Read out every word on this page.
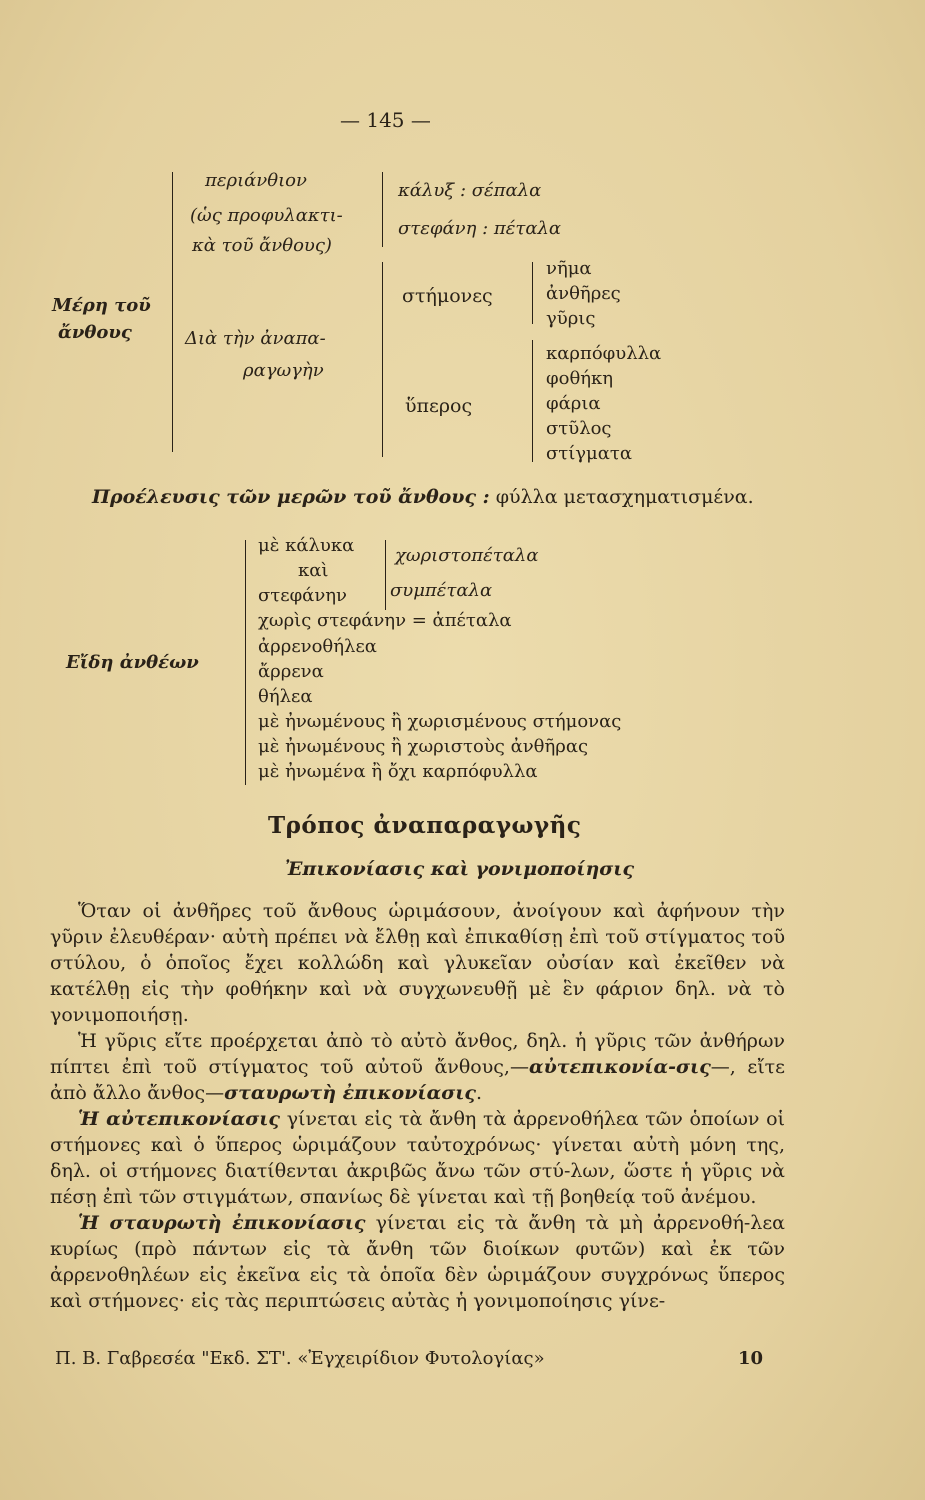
— 145 —
Μέρη τοῦ
ἄνθους
περιάνθιον
(ὡς προφυλακτι-
κὰ τοῦ ἄνθους)
Διὰ τὴν ἀναπα-
ραγωγὴν
κάλυξ : σέπαλα
στεφάνη : πέταλα
στήμονες
ὕπερος
νῆμα
ἀνθῆρες
γῦρις
καρπόφυλλα
φοθήκη
φάρια
στῦλος
στίγματα
Προέλευσις τῶν μερῶν τοῦ ἄνθους : φύλλα μετασχηματισμένα.
Εἴδη ἀνθέων
μὲ κάλυκα
καὶ
στεφάνην
χωριστοπέταλα
συμπέταλα
χωρὶς στεφάνην = ἀπέταλα
ἀρρενοθήλεα
ἄρρενα
θήλεα
μὲ ἠνωμένους ἢ χωρισμένους στήμονας
μὲ ἠνωμένους ἢ χωριστοὺς ἀνθῆρας
μὲ ἠνωμένα ἢ ὄχι καρπόφυλλα
Τρόπος ἀναπαραγωγῆς
Ἐπικονίασις καὶ γονιμοποίησις

Ὅταν οἱ ἀνθῆρες τοῦ ἄνθους ὡριμάσουν, ἀνοίγουν καὶ ἀφήνουν τὴν γῦριν ἐλευθέραν· αὐτὴ πρέπει νὰ ἔλθῃ καὶ ἐπικαθίσῃ ἐπὶ τοῦ στίγματος τοῦ στύλου, ὁ ὁποῖος ἔχει κολλώδη καὶ γλυκεῖαν οὐσίαν καὶ ἐκεῖθεν νὰ κατέλθῃ εἰς τὴν φοθήκην καὶ νὰ συγχωνευθῇ μὲ ἓν φάριον δηλ. νὰ τὸ γονιμοποιήσῃ.

Ἡ γῦρις εἴτε προέρχεται ἀπὸ τὸ αὐτὸ ἄνθος, δηλ. ἡ γῦρις τῶν ἀνθήρων πίπτει ἐπὶ τοῦ στίγματος τοῦ αὐτοῦ ἄνθους,—αὐτεπικονία-σις—, εἴτε ἀπὸ ἄλλο ἄνθος—σταυρωτὴ ἐπικονίασις.

Ἡ αὐτεπικονίασις γίνεται εἰς τὰ ἄνθη τὰ ἀρρενοθήλεα τῶν ὁποίων οἱ στήμονες καὶ ὁ ὕπερος ὡριμάζουν ταὐτοχρόνως· γίνεται αὐτὴ μόνη της, δηλ. οἱ στήμονες διατίθενται ἀκριβῶς ἄνω τῶν στύ-λων, ὥστε ἡ γῦρις νὰ πέσῃ ἐπὶ τῶν στιγμάτων, σπανίως δὲ γίνεται καὶ τῇ βοηθείᾳ τοῦ ἀνέμου.

Ἡ σταυρωτὴ ἐπικονίασις γίνεται εἰς τὰ ἄνθη τὰ μὴ ἀρρενοθή-λεα κυρίως (πρὸ πάντων εἰς τὰ ἄνθη τῶν διοίκων φυτῶν) καὶ ἐκ τῶν ἀρρενοθηλέων εἰς ἐκεῖνα εἰς τὰ ὁποῖα δὲν ὡριμάζουν συγχρόνως ὕπερος καὶ στήμονες· εἰς τὰς περιπτώσεις αὐτὰς ἡ γονιμοποίησις γίνε-

Π. Β. Γαβρεσέα "Εκδ. ΣΤ'. «Ἐγχειρίδιον Φυτολογίας»	10
